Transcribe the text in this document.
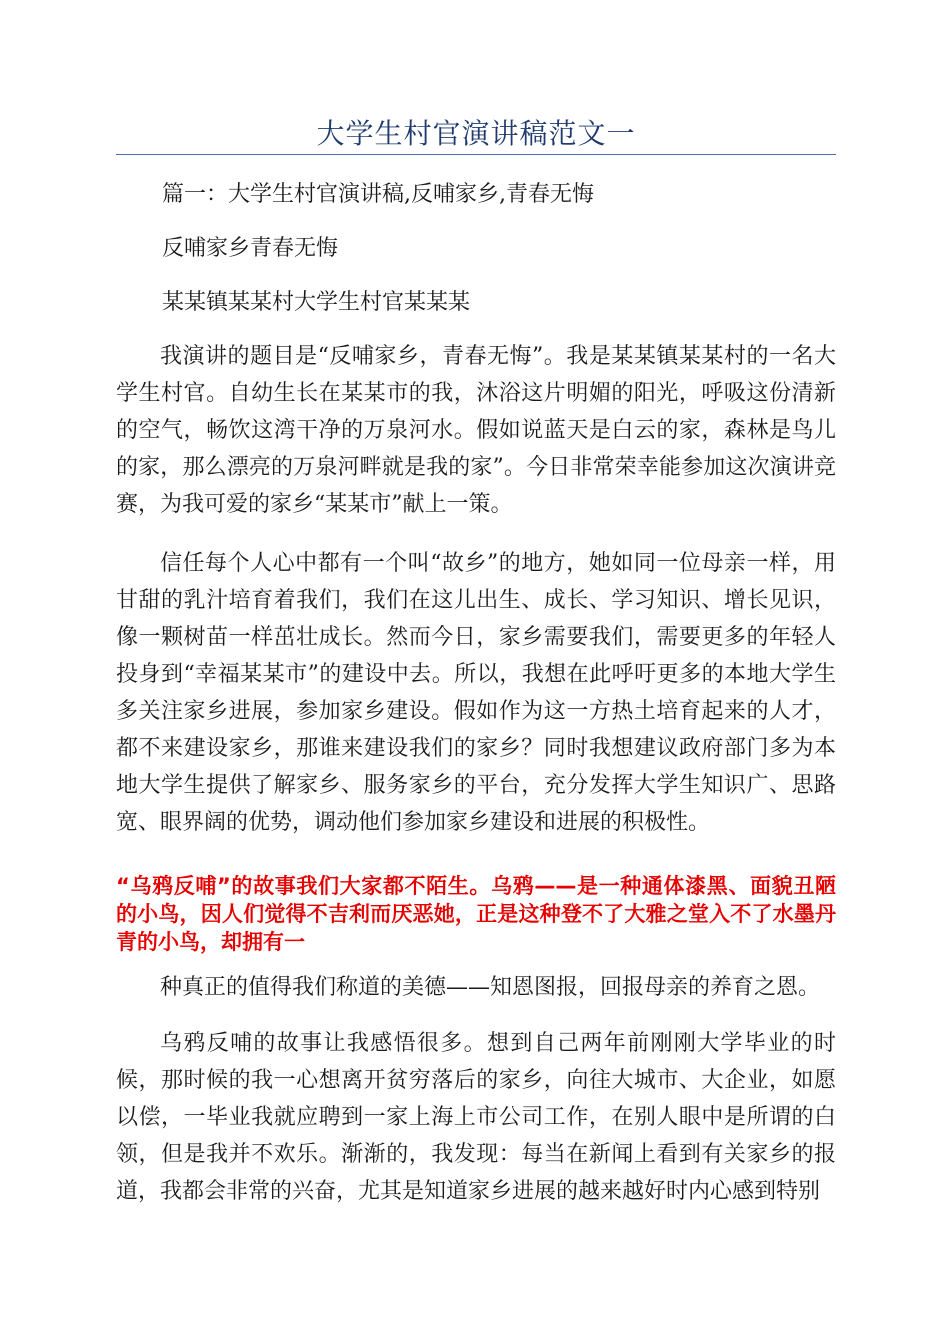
大学生村官演讲稿范文一
篇一：大学生村官演讲稿,反哺家乡,青春无悔
反哺家乡青春无悔
某某镇某某村大学生村官某某某
我演讲的题目是“反哺家乡，青春无悔”。我是某某镇某某村的一名大学生村官。自幼生长在某某市的我，沐浴这片明媚的阳光，呼吸这份清新的空气，畅饮这湾干净的万泉河水。假如说蓝天是白云的家，森林是鸟儿的家，那么漂亮的万泉河畔就是我的家”。今日非常荣幸能参加这次演讲竞赛，为我可爱的家乡“某某市”献上一策。
信任每个人心中都有一个叫“故乡”的地方，她如同一位母亲一样，用甘甜的乳汁培育着我们，我们在这儿出生、成长、学习知识、增长见识，像一颗树苗一样茁壮成长。然而今日，家乡需要我们，需要更多的年轻人投身到“幸福某某市”的建设中去。所以，我想在此呼吁更多的本地大学生多关注家乡进展，参加家乡建设。假如作为这一方热土培育起来的人才，都不来建设家乡，那谁来建设我们的家乡？同时我想建议政府部门多为本地大学生提供了解家乡、服务家乡的平台，充分发挥大学生知识广、思路宽、眼界阔的优势，调动他们参加家乡建设和进展的积极性。
“乌鸦反哺”的故事我们大家都不陌生。乌鸦——是一种通体漆黑、面貌丑陋的小鸟，因人们觉得不吉利而厌恶她，正是这种登不了大雅之堂入不了水墨丹青的小鸟，却拥有一
种真正的值得我们称道的美德——知恩图报，回报母亲的养育之恩。
乌鸦反哺的故事让我感悟很多。想到自己两年前刚刚大学毕业的时候，那时候的我一心想离开贫穷落后的家乡，向往大城市、大企业，如愿以偿，一毕业我就应聘到一家上海上市公司工作，在别人眼中是所谓的白领，但是我并不欢乐。渐渐的，我发现：每当在新闻上看到有关家乡的报道，我都会非常的兴奋，尤其是知道家乡进展的越来越好时内心感到特别
